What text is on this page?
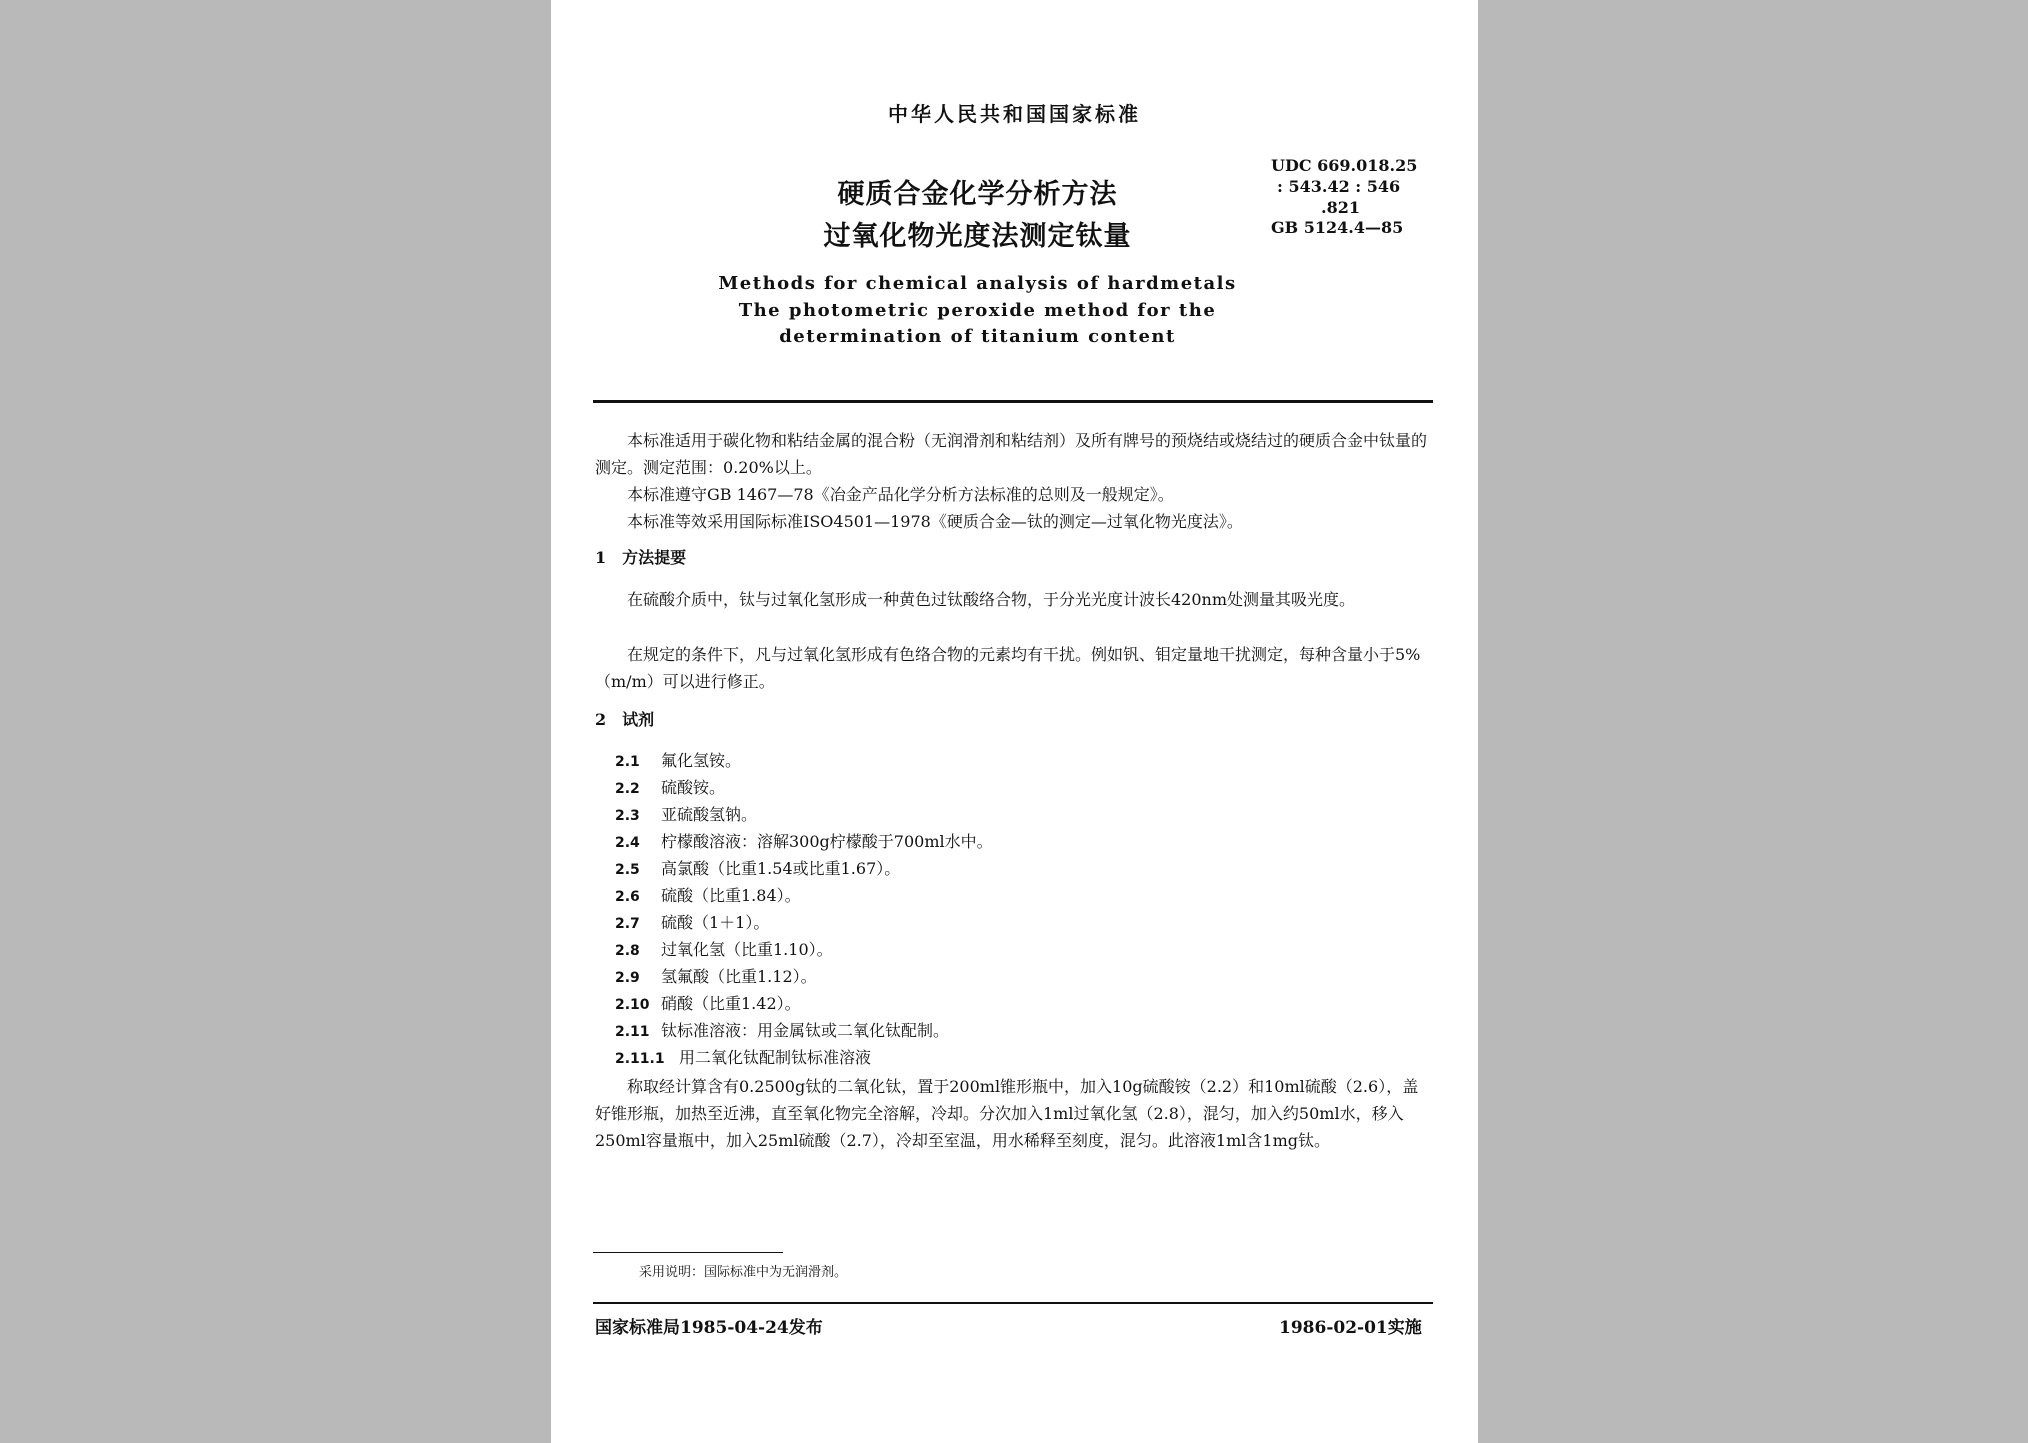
中华人民共和国国家标准
硬质合金化学分析方法
过氧化物光度法测定钛量
UDC 669.018.25
: 543.42 : 546
.821
GB 5124.4—85
Methods for chemical analysis of hardmetals
The photometric peroxide method for the
determination of titanium content
本标准适用于碳化物和粘结金属的混合粉（无润滑剂和粘结剂）及所有牌号的预烧结或烧结过的硬质合金中钛量的测定。测定范围：0.20%以上。
本标准遵守GB 1467—78《冶金产品化学分析方法标准的总则及一般规定》。
本标准等效采用国际标准ISO4501—1978《硬质合金—钛的测定—过氧化物光度法》。
1　方法提要
在硫酸介质中，钛与过氧化氢形成一种黄色过钛酸络合物，于分光光度计波长420nm处测量其吸光度。
在规定的条件下，凡与过氧化氢形成有色络合物的元素均有干扰。例如钒、钼定量地干扰测定，每种含量小于5%（m/m）可以进行修正。
2　试剂
2.1 氟化氢铵。
2.2 硫酸铵。
2.3 亚硫酸氢钠。
2.4 柠檬酸溶液：溶解300g柠檬酸于700ml水中。
2.5 高氯酸（比重1.54或比重1.67）。
2.6 硫酸（比重1.84）。
2.7 硫酸（1＋1）。
2.8 过氧化氢（比重1.10）。
2.9 氢氟酸（比重1.12）。
2.10 硝酸（比重1.42）。
2.11 钛标准溶液：用金属钛或二氧化钛配制。
2.11.1 用二氧化钛配制钛标准溶液
称取经计算含有0.2500g钛的二氧化钛，置于200ml锥形瓶中，加入10g硫酸铵（2.2）和10ml硫酸（2.6），盖好锥形瓶，加热至近沸，直至氧化物完全溶解，冷却。分次加入1ml过氧化氢（2.8），混匀，加入约50ml水，移入250ml容量瓶中，加入25ml硫酸（2.7），冷却至室温，用水稀释至刻度，混匀。此溶液1ml含1mg钛。
采用说明：国际标准中为无润滑剂。
国家标准局1985-04-24发布	1986-02-01实施
